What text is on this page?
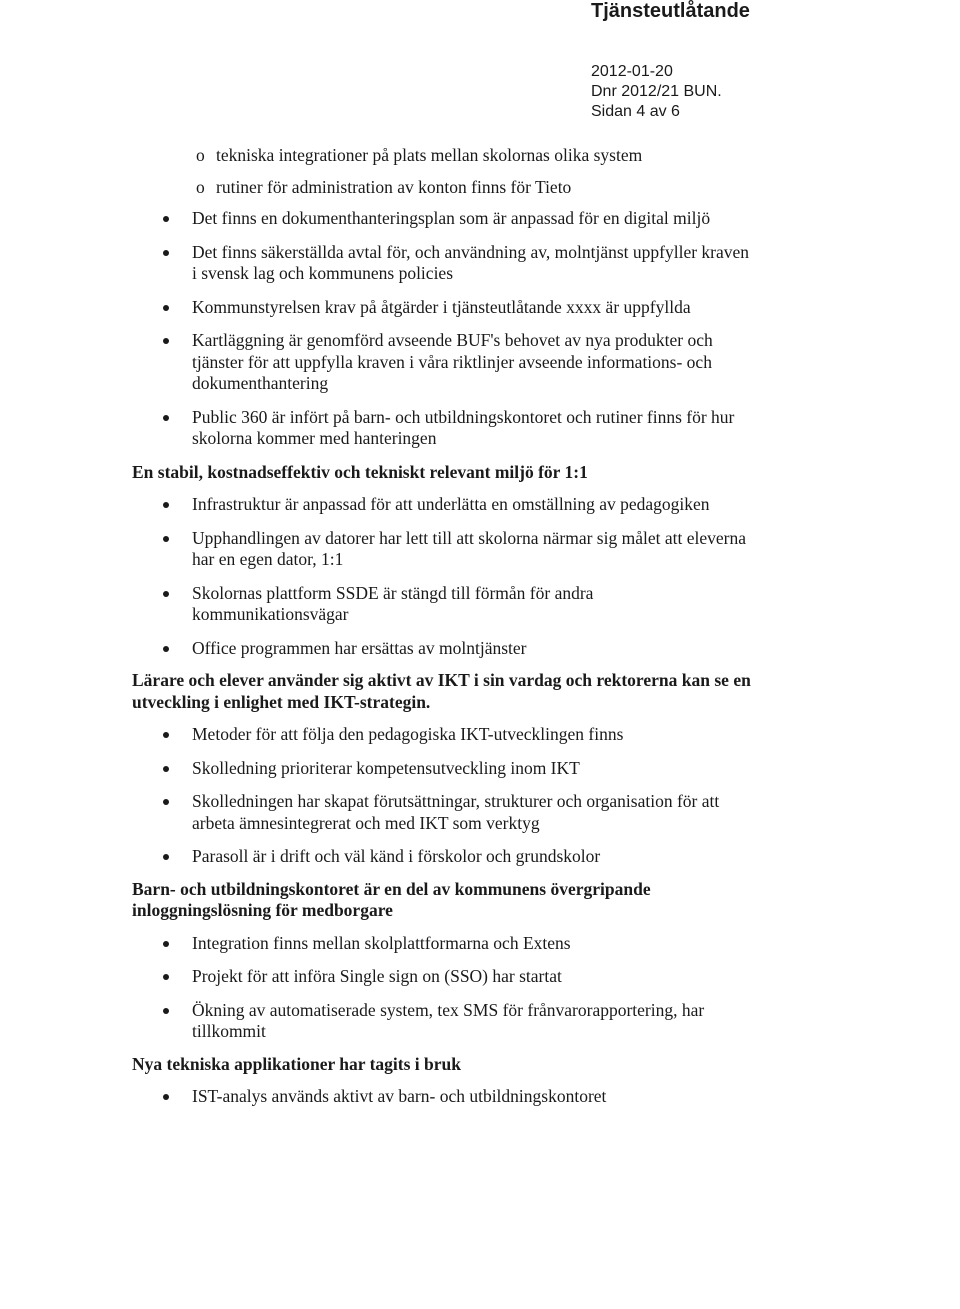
Tjänsteutlåtande
2012-01-20
Dnr 2012/21 BUN.
Sidan 4 av 6
o tekniska integrationer på plats mellan skolornas olika system
o rutiner för administration av konton finns för Tieto
Det finns en dokumenthanteringsplan som är anpassad för en digital miljö
Det finns säkerställda avtal för, och användning av, molntjänst uppfyller kraven i svensk lag och kommunens policies
Kommunstyrelsen krav på åtgärder i tjänsteutlåtande xxxx är uppfyllda
Kartläggning är genomförd avseende BUF's behovet av nya produkter och tjänster för att uppfylla kraven i våra riktlinjer avseende informations- och dokumenthantering
Public 360 är infört på barn- och utbildningskontoret och rutiner finns för hur skolorna kommer med hanteringen
En stabil, kostnadseffektiv och tekniskt relevant miljö för 1:1
Infrastruktur är anpassad för att underlätta en omställning av pedagogiken
Upphandlingen av datorer har lett till att skolorna närmar sig målet att eleverna har en egen dator, 1:1
Skolornas plattform SSDE är stängd till förmån för andra kommunikationsvägar
Office programmen har ersättas av molntjänster
Lärare och elever använder sig aktivt av IKT i sin vardag och rektorerna kan se en utveckling i enlighet med IKT-strategin.
Metoder för att följa den pedagogiska IKT-utvecklingen finns
Skolledning prioriterar kompetensutveckling inom IKT
Skolledningen har skapat förutsättningar, strukturer och organisation för att arbeta ämnesintegrerat och med IKT som verktyg
Parasoll är i drift och väl känd i förskolor och grundskolor
Barn- och utbildningskontoret är en del av kommunens övergripande inloggningslösning för medborgare
Integration finns mellan skolplattformarna och Extens
Projekt för att införa Single sign on (SSO) har startat
Ökning av automatiserade system, tex SMS för frånvarorapportering, har tillkommit
Nya tekniska applikationer har tagits i bruk
IST-analys används aktivt av barn- och utbildningskontoret
